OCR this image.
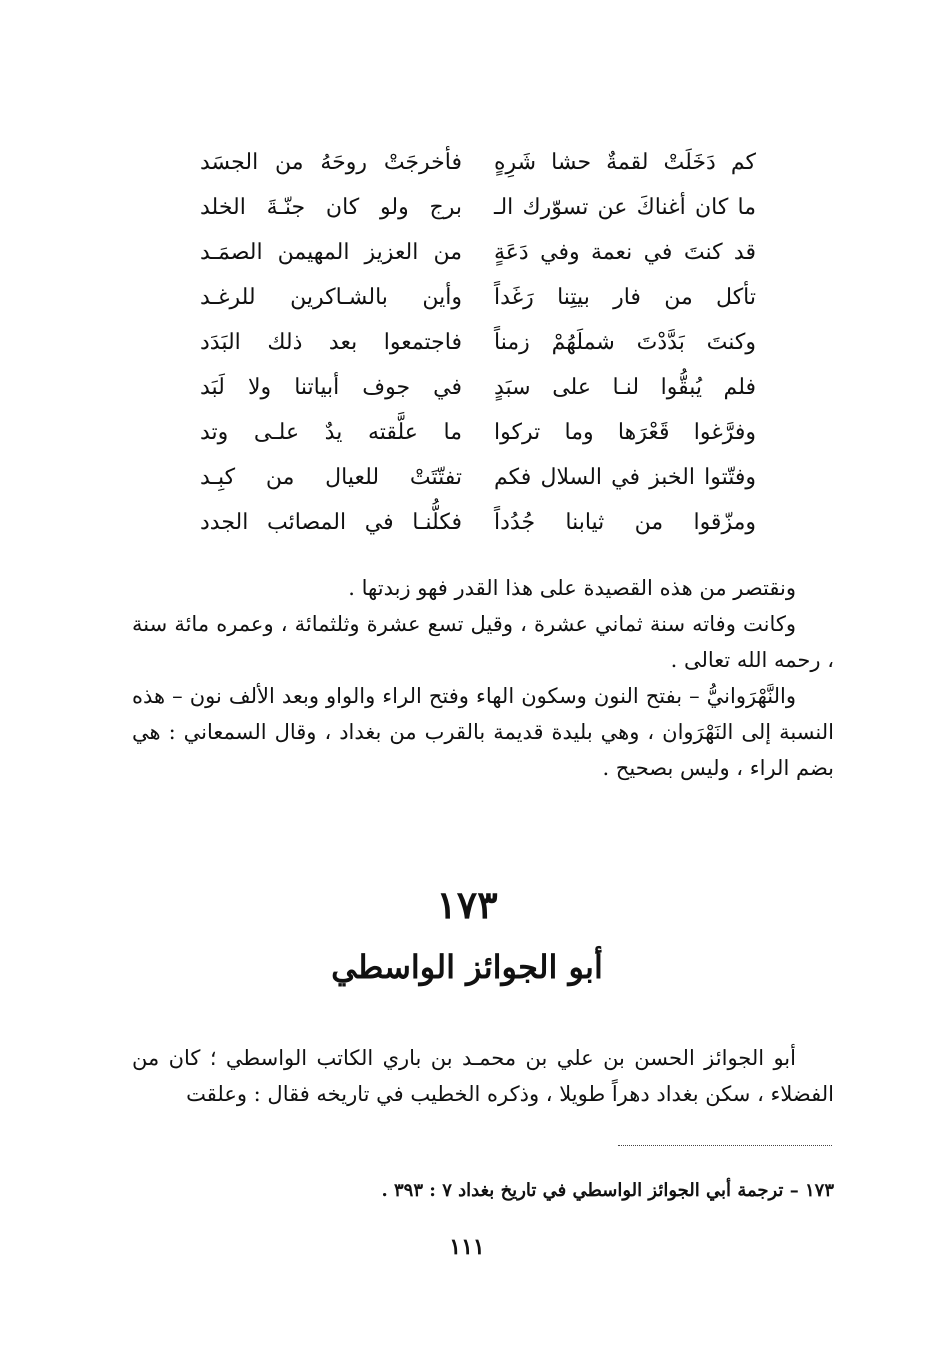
كم دَخَلَتْ لقمةٌ حشا شَرِهٍ
فأخرجَتْ روحَهُ من الجسَد
ما كان أغناكَ عن تسوّرك الـ
برج ولو كان جنّـةَ الخلد
قد كنتَ في نعمة وفي دَعَةٍ
من العزيز المهيمن الصمَـد
تأكل من فار بيتِنا رَغَداً
وأين بالشـاكرين للرغـد
وكنتَ بَدَّدْتَ شملَهُمْ زمناً
فاجتمعوا بعد ذلك البَدَد
فلم يُبقُّوا لنـا على سبَدٍ
في جوف أبياتنا ولا لَبَد
وفرَّغوا قَعْرَها وما تركوا
ما علَّقته يدٌ علـى وتد
وفتّتوا الخبز في السلال فكم
تفتّتَتْ للعيال من كبِـد
ومزّقوا من ثيابنا جُدُداً
فكلُّنـا في المصائب الجدد

ونقتصر من هذه القصيدة على هذا القدر فهو زبدتها .

وكانت وفاته سنة ثماني عشرة ، وقيل تسع عشرة وثلثمائة ، وعمره مائة سنة ، رحمه الله تعالى .

والنَّهْرَوانيُّ – بفتح النون وسكون الهاء وفتح الراء والواو وبعد الألف نون – هذه النسبة إلى النَهْرَوان ، وهي بليدة قديمة بالقرب من بغداد ، وقال السمعاني : هي بضم الراء ، وليس بصحيح .

١٧٣
أبو الجوائز الواسطي

أبو الجوائز الحسن بن علي بن محمـد بن باري الكاتب الواسطي ؛ كان من الفضلاء ، سكن بغداد دهراً طويلا ، وذكره الخطيب في تاريخه فقال : وعلقت

١٧٣ – ترجمة أبي الجوائز الواسطي في تاريخ بغداد ٧ : ٣٩٣ .
١١١
